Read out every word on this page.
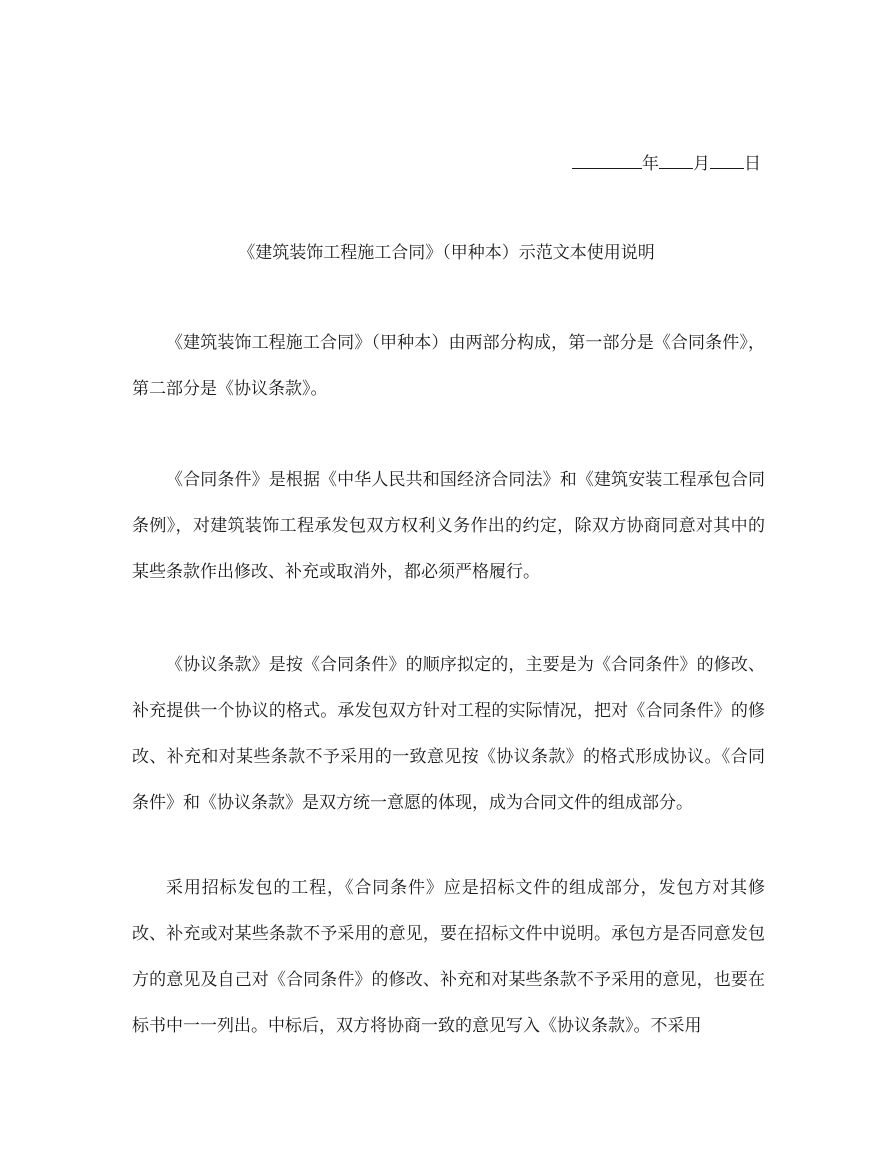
年 月 日
《建筑装饰工程施工合同》（甲种本）示范文本使用说明

《建筑装饰工程施工合同》（甲种本）由两部分构成，第一部分是《合同条件》，第二部分是《协议条款》。

《合同条件》是根据《中华人民共和国经济合同法》和《建筑安装工程承包合同条例》，对建筑装饰工程承发包双方权利义务作出的约定，除双方协商同意对其中的某些条款作出修改、补充或取消外，都必须严格履行。

《协议条款》是按《合同条件》的顺序拟定的，主要是为《合同条件》的修改、补充提供一个协议的格式。承发包双方针对工程的实际情况，把对《合同条件》的修改、补充和对某些条款不予采用的一致意见按《协议条款》的格式形成协议。《合同条件》和《协议条款》是双方统一意愿的体现，成为合同文件的组成部分。

采用招标发包的工程，《合同条件》应是招标文件的组成部分，发包方对其修改、补充或对某些条款不予采用的意见，要在招标文件中说明。承包方是否同意发包方的意见及自己对《合同条件》的修改、补充和对某些条款不予采用的意见，也要在标书中一一列出。中标后，双方将协商一致的意见写入《协议条款》。不采用
